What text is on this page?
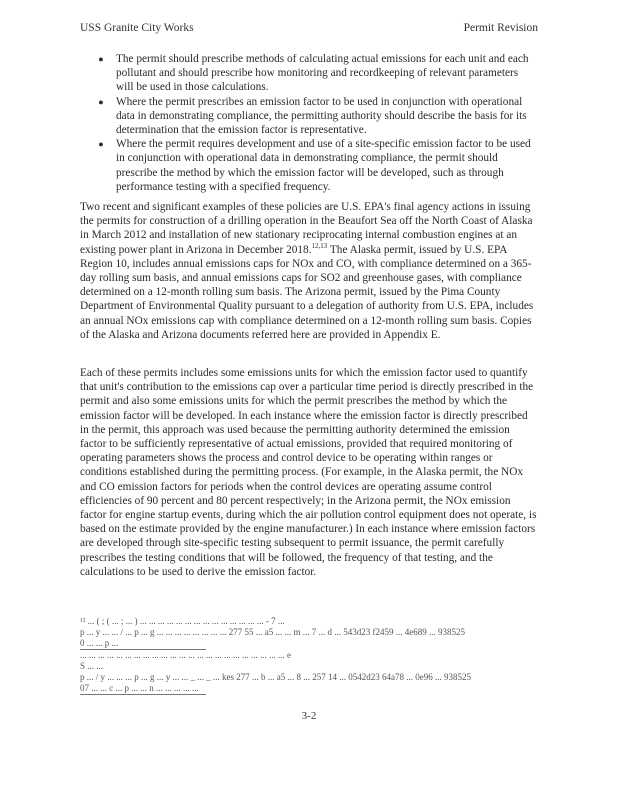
USS Granite City Works	Permit Revision
● The permit should prescribe methods of calculating actual emissions for each unit and each pollutant and should prescribe how monitoring and recordkeeping of relevant parameters will be used in those calculations.
● Where the permit prescribes an emission factor to be used in conjunction with operational data in demonstrating compliance, the permitting authority should describe the basis for its determination that the emission factor is representative.
● Where the permit requires development and use of a site-specific emission factor to be used in conjunction with operational data in demonstrating compliance, the permit should prescribe the method by which the emission factor will be developed, such as through performance testing with a specified frequency.
Two recent and significant examples of these policies are U.S. EPA's final agency actions in issuing the permits for construction of a drilling operation in the Beaufort Sea off the North Coast of Alaska in March 2012 and installation of new stationary reciprocating internal combustion engines at an existing power plant in Arizona in December 2018.$^{12,13}$ The Alaska permit, issued by U.S. EPA Region 10, includes annual emissions caps for NOx and CO, with compliance determined on a 365-day rolling sum basis, and annual emissions caps for SO2 and greenhouse gases, with compliance determined on a 12-month rolling sum basis. The Arizona permit, issued by the Pima County Department of Environmental Quality pursuant to a delegation of authority from U.S. EPA, includes an annual NOx emissions cap with compliance determined on a 12-month rolling sum basis. Copies of the Alaska and Arizona documents referred here are provided in Appendix E.
Each of these permits includes some emissions units for which the emission factor used to quantify that unit's contribution to the emissions cap over a particular time period is directly prescribed in the permit and also some emissions units for which the permit prescribes the method by which the emission factor will be developed. In each instance where the emission factor is directly prescribed in the permit, this approach was used because the permitting authority determined the emission factor to be sufficiently representative of actual emissions, provided that required monitoring of operating parameters shows the process and control device to be operating within ranges or conditions established during the permitting process. (For example, in the Alaska permit, the NOx and CO emission factors for periods when the control devices are operating assume control efficiencies of 90 percent and 80 percent respectively; in the Arizona permit, the NOx emission factor for engine startup events, during which the air pollution control equipment does not operate, is based on the estimate provided by the engine manufacturer.) In each instance where emission factors are developed through site-specific testing subsequent to permit issuance, the permit carefully prescribes the testing conditions that will be followed, the frequency of that testing, and the calculations to be used to derive the emission factor.
¹² ... ( ; ( ... ; ... ) ... ... ... ... ... ... ... ... ... ... ... ... ... ... - 7 ...
p ... y ... ... / ... p ... g ... ... ... ... ... ... ... ... 277 55 ... a5 ... ... m ... 7 ... d ... 543d23 f2459 ... 4e689 ... 938525
0 ... ... p ...
... ... ... ... ... ... ... ... ... ... ... ... ... ... ... ... ... ... ... ... ... ... ... e
S ... ...
p ... / y ... ... ... p ... g ... y ... ... _ ... _ ... kes 277 ... b ... a5 ... 8 ... 257 14 ... 0542d23 64a78 ... 0e96 ... 938525
07 ... ... c ... p ... ... n ... ... ... ... ...
3-2
